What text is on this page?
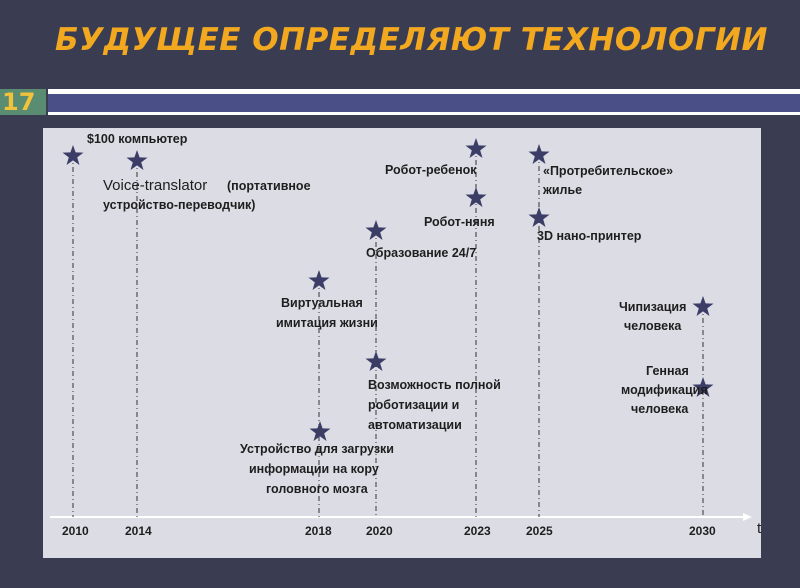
БУДУЩЕЕ ОПРЕДЕЛЯЮТ ТЕХНОЛОГИИ
17
t
2010	2014	2018	2020	2023	2025	2030
$100 компьютер
Voice-translator (портативное
устройство-переводчик)
Виртуальная
имитация жизни
Устройство для загрузки
информации на кору
головного мозга
Образование 24/7
Возможность полной
роботизации и
автоматизации
Робот-ребенок
Робот-няня
«Протребительское»
жилье
3D нано-принтер
Чипизация
человека
Генная
модификация
человека
